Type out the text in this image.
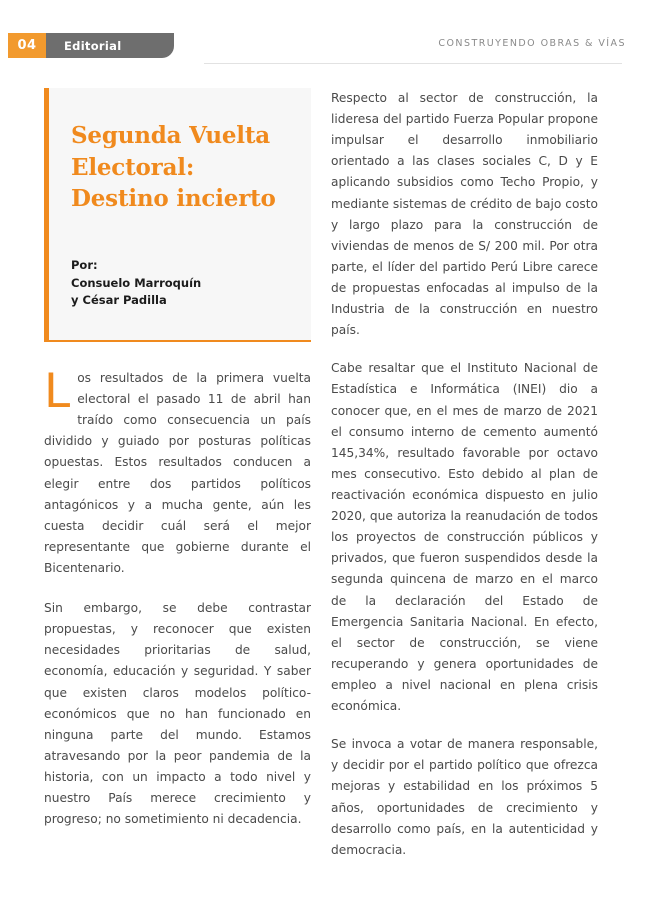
04	Editorial	CONSTRUYENDO OBRAS & VÍAS
Segunda Vuelta Electoral: Destino incierto
Por:
Consuelo Marroquín
y César Padilla

Los resultados de la primera vuelta electoral el pasado 11 de abril han traído como consecuencia un país dividido y guiado por posturas políticas opuestas. Estos resultados conducen a elegir entre dos partidos políticos antagónicos y a mucha gente, aún les cuesta decidir cuál será el mejor representante que gobierne durante el Bicentenario.

Sin embargo, se debe contrastar propuestas, y reconocer que existen necesidades prioritarias de salud, economía, educación y seguridad. Y saber que existen claros modelos político-económicos que no han funcionado en ninguna parte del mundo. Estamos atravesando por la peor pandemia de la historia, con un impacto a todo nivel y nuestro País merece crecimiento y progreso; no sometimiento ni decadencia.

Respecto al sector de construcción, la lideresa del partido Fuerza Popular propone impulsar el desarrollo inmobiliario orientado a las clases sociales C, D y E aplicando subsidios como Techo Propio, y mediante sistemas de crédito de bajo costo y largo plazo para la construcción de viviendas de menos de S/ 200 mil. Por otra parte, el líder del partido Perú Libre carece de propuestas enfocadas al impulso de la Industria de la construcción en nuestro país.

Cabe resaltar que el Instituto Nacional de Estadística e Informática (INEI) dio a conocer que, en el mes de marzo de 2021 el consumo interno de cemento aumentó 145,34%, resultado favorable por octavo mes consecutivo. Esto debido al plan de reactivación económica dispuesto en julio 2020, que autoriza la reanudación de todos los proyectos de construcción públicos y privados, que fueron suspendidos desde la segunda quincena de marzo en el marco de la declaración del Estado de Emergencia Sanitaria Nacional. En efecto, el sector de construcción, se viene recuperando y genera oportunidades de empleo a nivel nacional en plena crisis económica.

Se invoca a votar de manera responsable, y decidir por el partido político que ofrezca mejoras y estabilidad en los próximos 5 años, oportunidades de crecimiento y desarrollo como país, en la autenticidad y democracia.
